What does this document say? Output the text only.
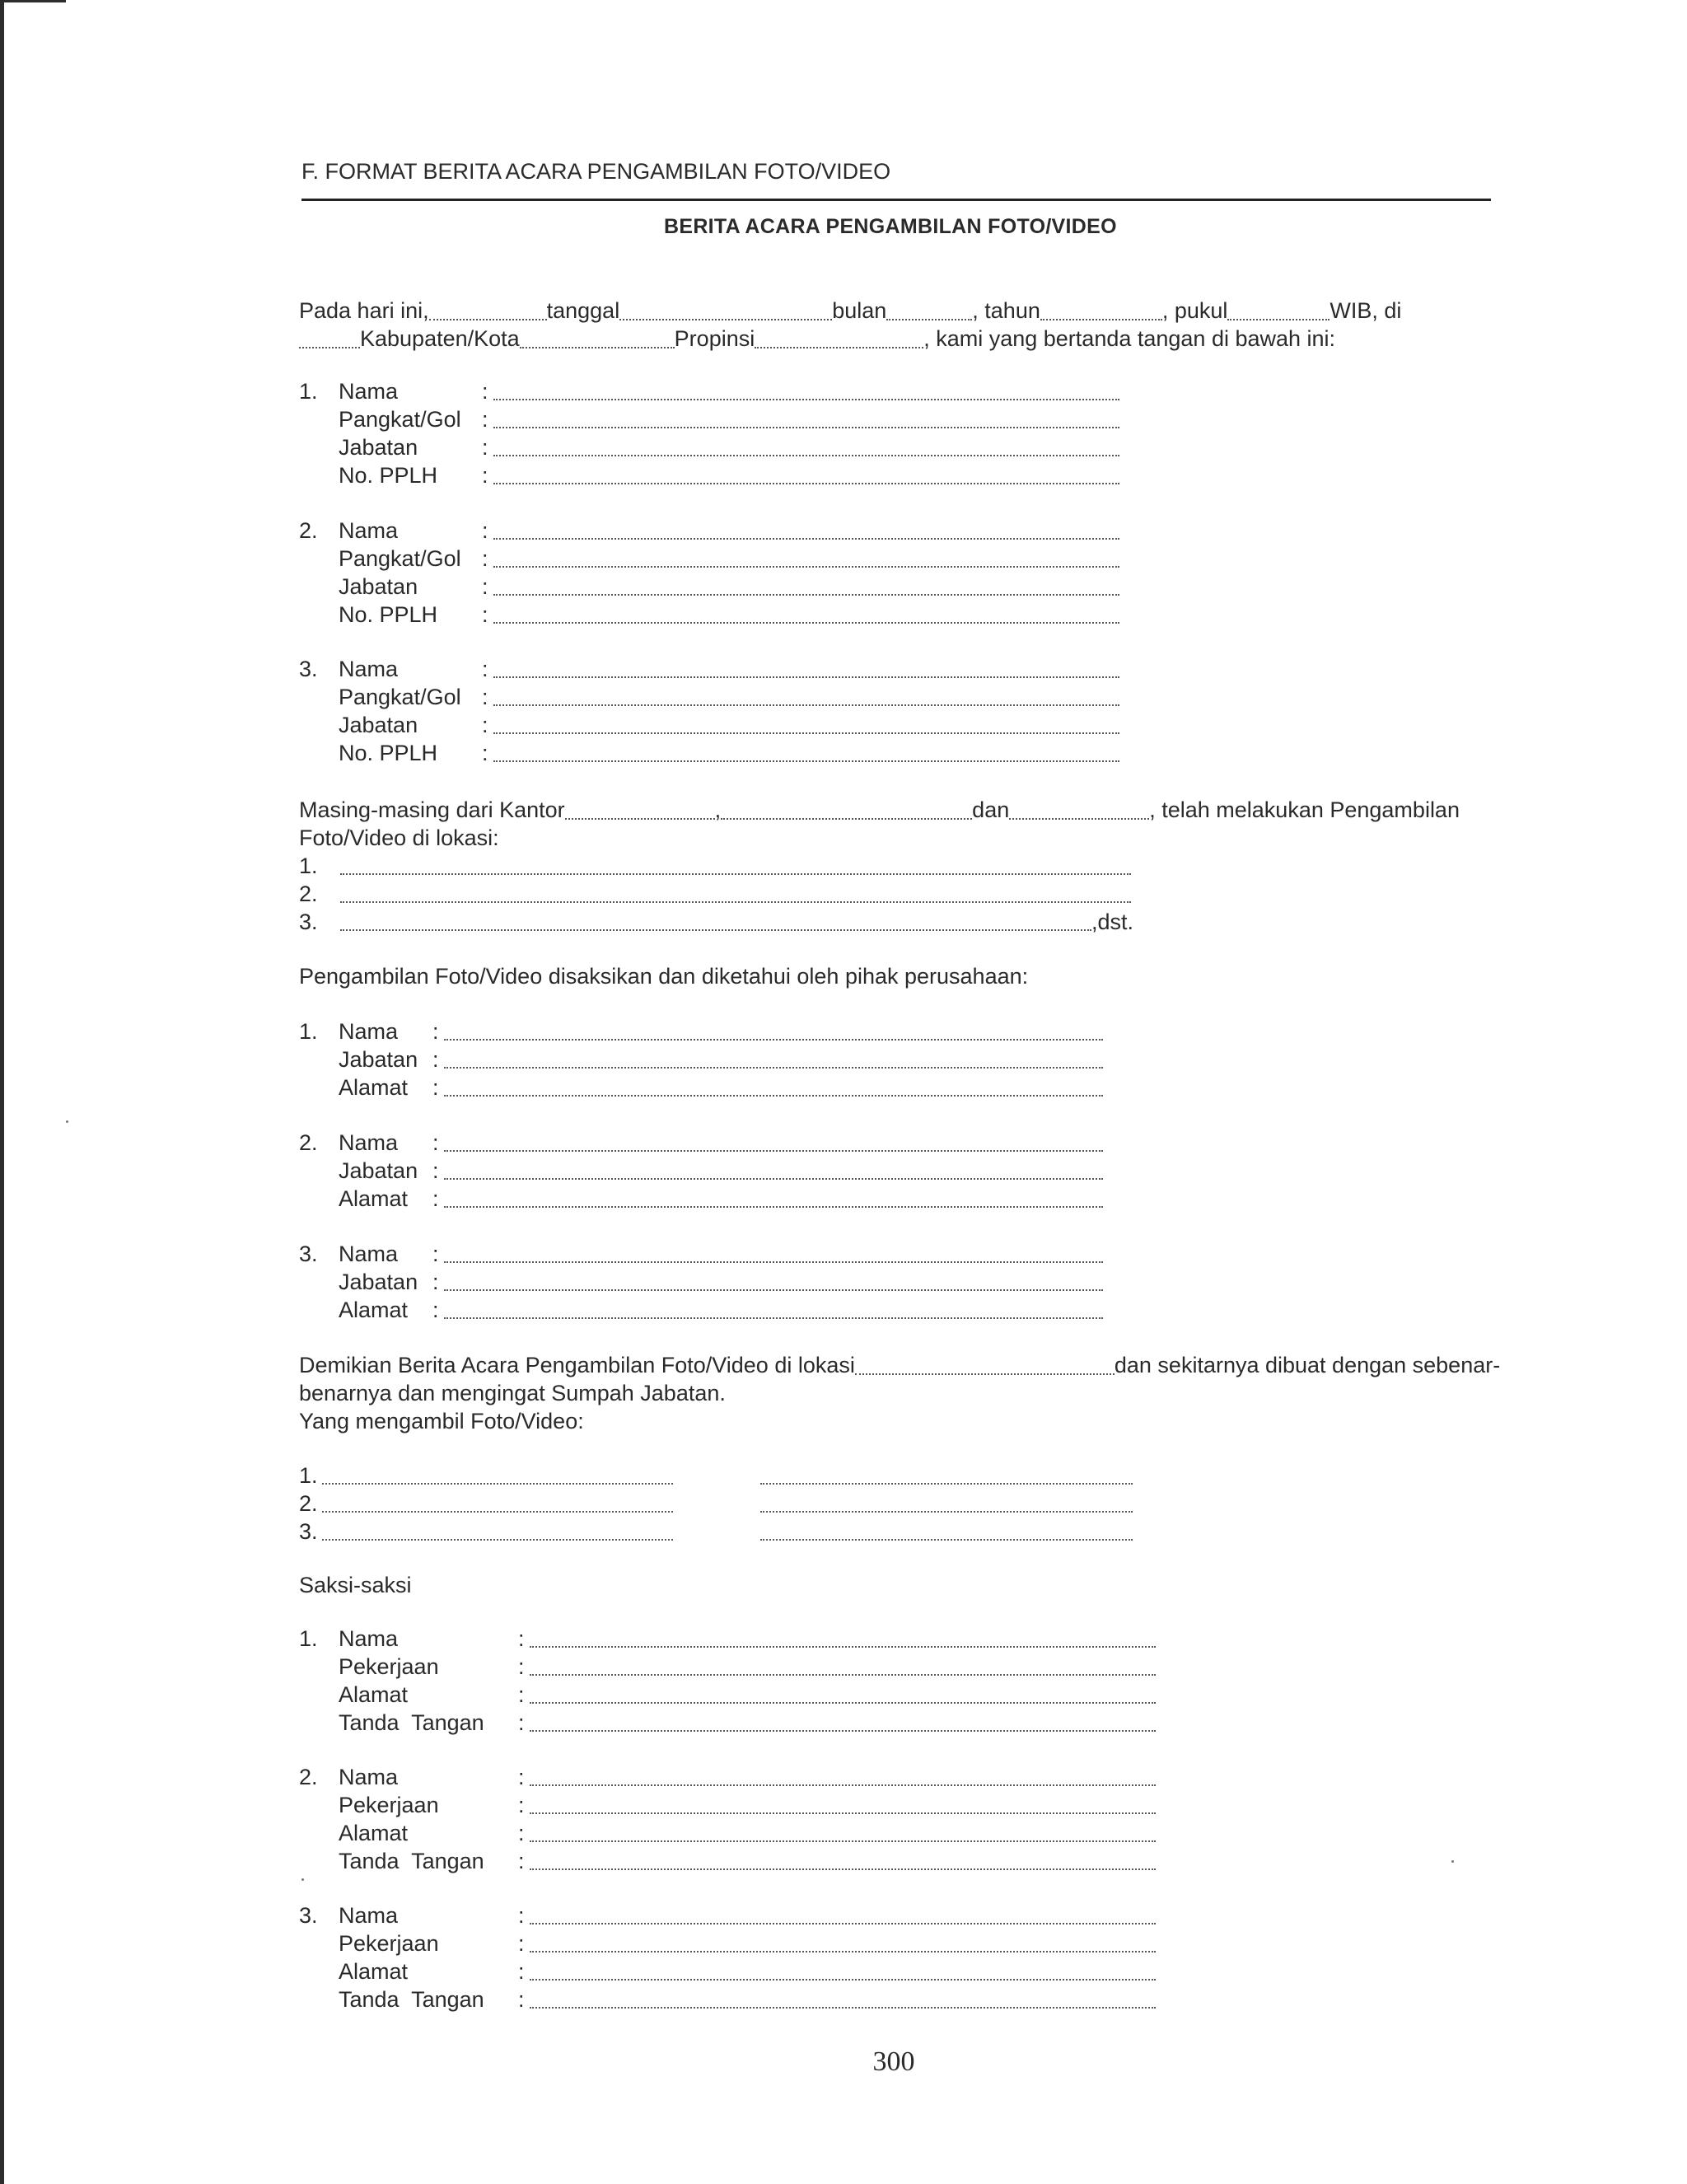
F. FORMAT BERITA ACARA PENGAMBILAN FOTO/VIDEO
BERITA ACARA PENGAMBILAN FOTO/VIDEO
Pada hari ini,	tanggal	bulan	, tahun	, pukul	WIB, di
Kabupaten/Kota	Propinsi	, kami yang bertanda tangan di bawah ini:
1. Nama	:
Pangkat/Gol :
Jabatan	:
No. PPLH	:
2. Nama	:
Pangkat/Gol :
Jabatan	:
No. PPLH	:
3. Nama	:
Pangkat/Gol :
Jabatan	:
No. PPLH	:
Masing-masing dari Kantor	,	dan	, telah melakukan Pengambilan
Foto/Video di lokasi:
1.
2.
3.	,dst.
Pengambilan Foto/Video disaksikan dan diketahui oleh pihak perusahaan:
1. Nama	:
Jabatan :
Alamat	:
2. Nama	:
Jabatan :
Alamat	:
3. Nama	:
Jabatan :
Alamat	:
Demikian Berita Acara Pengambilan Foto/Video di lokasi	dan sekitarnya dibuat dengan sebenar-
benarnya dan mengingat Sumpah Jabatan.
Yang mengambil Foto/Video:
1.
2.
3.
Saksi-saksi
1. Nama	:
Pekerjaan	:
Alamat	:
Tanda  Tangan	:
2. Nama	:
Pekerjaan	:
Alamat	:
Tanda  Tangan	:
3. Nama	:
Pekerjaan	:
Alamat	:
Tanda  Tangan	:
300
